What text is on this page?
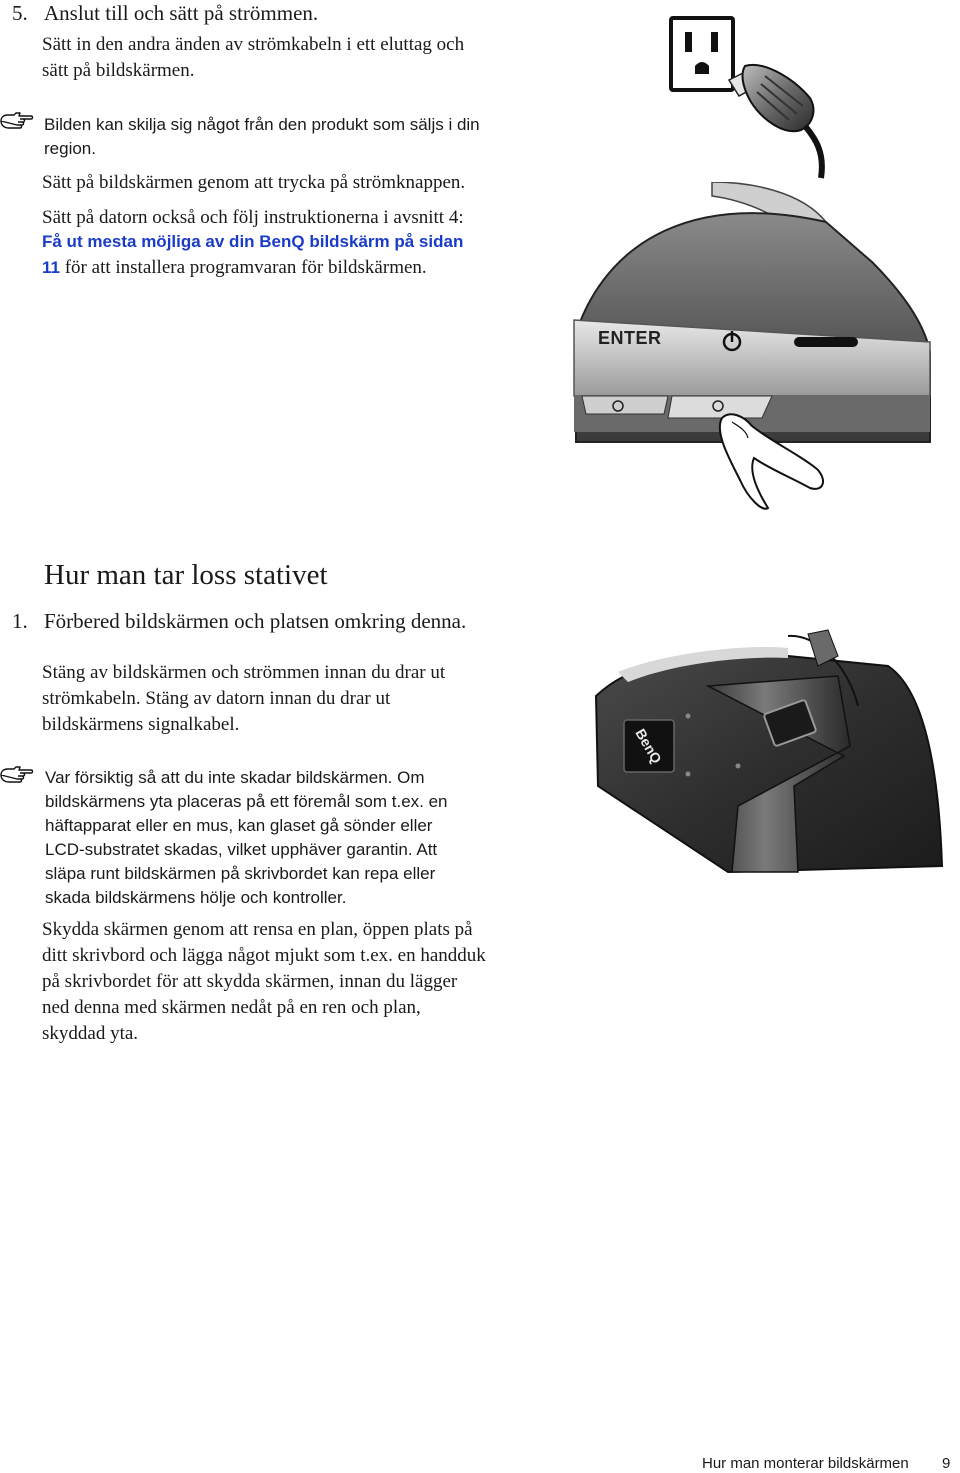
5. Anslut till och sätt på strömmen.
Sätt in den andra änden av strömkabeln i ett eluttag och
sätt på bildskärmen.
Bilden kan skilja sig något från den produkt som säljs i din
region.
Sätt på bildskärmen genom att trycka på strömknappen.
Sätt på datorn också och följ instruktionerna i avsnitt 4:
Få ut mesta möjliga av din BenQ bildskärm på sidan
11 för att installera programvaran för bildskärmen.
ENTER
Hur man tar loss stativet
1. Förbered bildskärmen och platsen omkring denna.
Stäng av bildskärmen och strömmen innan du drar ut
strömkabeln. Stäng av datorn innan du drar ut
bildskärmens signalkabel.
Var försiktig så att du inte skadar bildskärmen. Om
bildskärmens yta placeras på ett föremål som t.ex. en
häftapparat eller en mus, kan glaset gå sönder eller
LCD-substratet skadas, vilket upphäver garantin. Att
släpa runt bildskärmen på skrivbordet kan repa eller
skada bildskärmens hölje och kontroller.
Skydda skärmen genom att rensa en plan, öppen plats på
ditt skrivbord och lägga något mjukt som t.ex. en handduk
på skrivbordet för att skydda skärmen, innan du lägger
ned denna med skärmen nedåt på en ren och plan,
skyddad yta.
BenQ
Hur man monterar bildskärmen 9
